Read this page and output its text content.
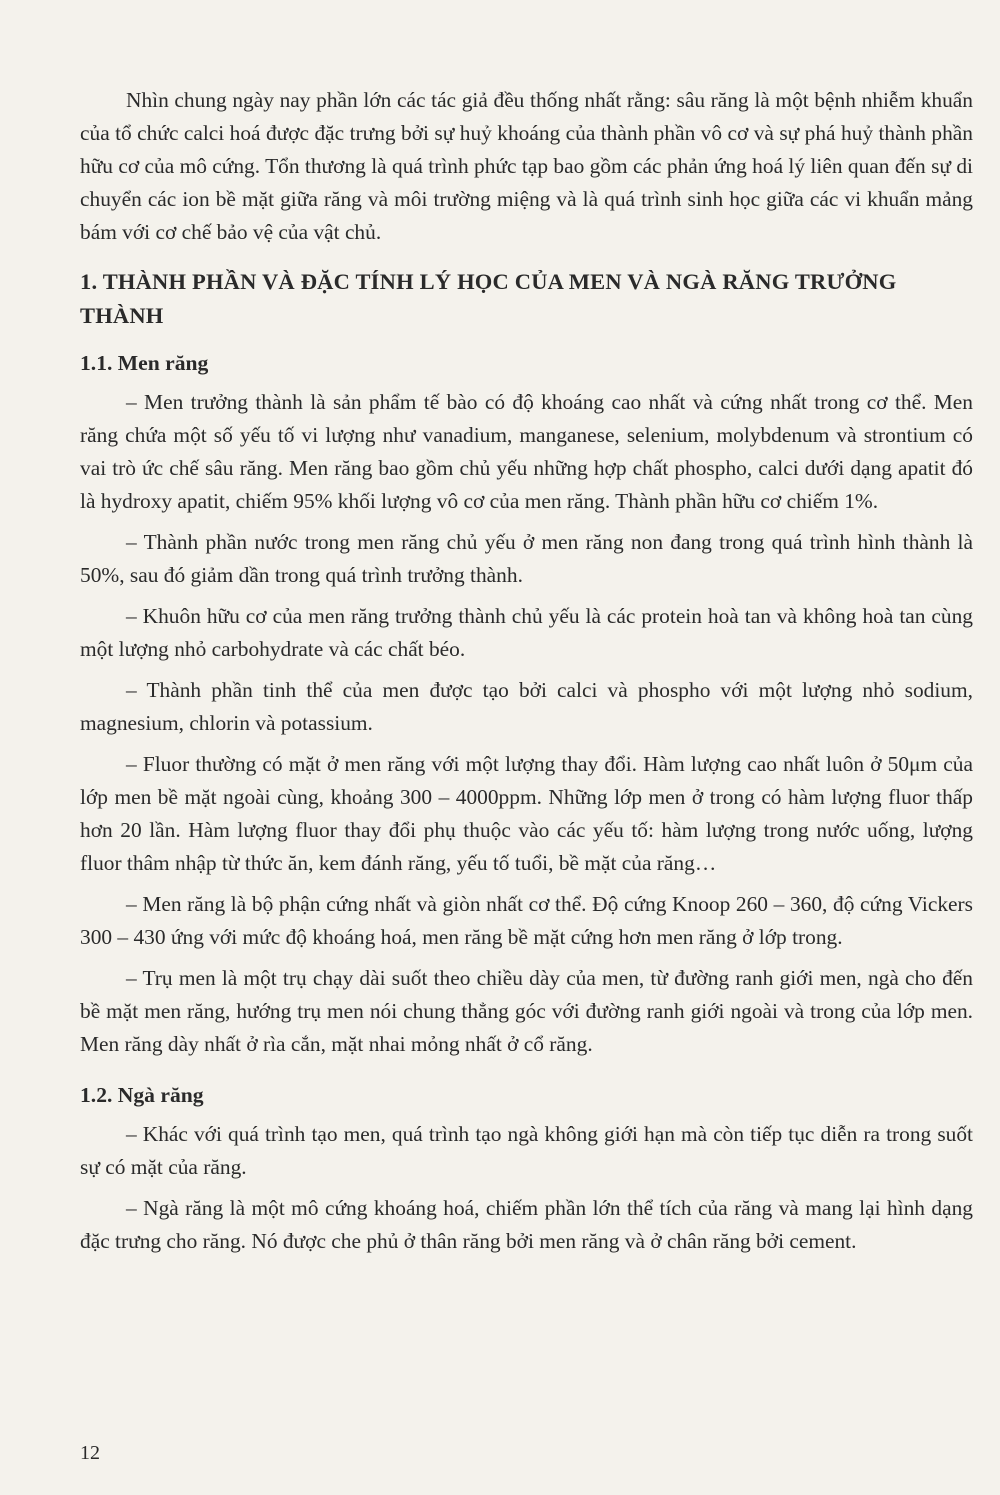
Nhìn chung ngày nay phần lớn các tác giả đều thống nhất rằng: sâu răng là một bệnh nhiễm khuẩn của tổ chức calci hoá được đặc trưng bởi sự huỷ khoáng của thành phần vô cơ và sự phá huỷ thành phần hữu cơ của mô cứng. Tổn thương là quá trình phức tạp bao gồm các phản ứng hoá lý liên quan đến sự di chuyển các ion bề mặt giữa răng và môi trường miệng và là quá trình sinh học giữa các vi khuẩn mảng bám với cơ chế bảo vệ của vật chủ.

1. THÀNH PHẦN VÀ ĐẶC TÍNH LÝ HỌC CỦA MEN VÀ NGÀ RĂNG TRƯỞNG THÀNH
1.1. Men răng

– Men trưởng thành là sản phẩm tế bào có độ khoáng cao nhất và cứng nhất trong cơ thể. Men răng chứa một số yếu tố vi lượng như vanadium, manganese, selenium, molybdenum và strontium có vai trò ức chế sâu răng. Men răng bao gồm chủ yếu những hợp chất phospho, calci dưới dạng apatit đó là hydroxy apatit, chiếm 95% khối lượng vô cơ của men răng. Thành phần hữu cơ chiếm 1%.

– Thành phần nước trong men răng chủ yếu ở men răng non đang trong quá trình hình thành là 50%, sau đó giảm dần trong quá trình trưởng thành.

– Khuôn hữu cơ của men răng trưởng thành chủ yếu là các protein hoà tan và không hoà tan cùng một lượng nhỏ carbohydrate và các chất béo.

– Thành phần tinh thể của men được tạo bởi calci và phospho với một lượng nhỏ sodium, magnesium, chlorin và potassium.

– Fluor thường có mặt ở men răng với một lượng thay đổi. Hàm lượng cao nhất luôn ở 50μm của lớp men bề mặt ngoài cùng, khoảng 300 – 4000ppm. Những lớp men ở trong có hàm lượng fluor thấp hơn 20 lần. Hàm lượng fluor thay đổi phụ thuộc vào các yếu tố: hàm lượng trong nước uống, lượng fluor thâm nhập từ thức ăn, kem đánh răng, yếu tố tuổi, bề mặt của răng…

– Men răng là bộ phận cứng nhất và giòn nhất cơ thể. Độ cứng Knoop 260 – 360, độ cứng Vickers 300 – 430 ứng với mức độ khoáng hoá, men răng bề mặt cứng hơn men răng ở lớp trong.

– Trụ men là một trụ chạy dài suốt theo chiều dày của men, từ đường ranh giới men, ngà cho đến bề mặt men răng, hướng trụ men nói chung thẳng góc với đường ranh giới ngoài và trong của lớp men. Men răng dày nhất ở rìa cắn, mặt nhai mỏng nhất ở cổ răng.

1.2. Ngà răng

– Khác với quá trình tạo men, quá trình tạo ngà không giới hạn mà còn tiếp tục diễn ra trong suốt sự có mặt của răng.

– Ngà răng là một mô cứng khoáng hoá, chiếm phần lớn thể tích của răng và mang lại hình dạng đặc trưng cho răng. Nó được che phủ ở thân răng bởi men răng và ở chân răng bởi cement.

12
